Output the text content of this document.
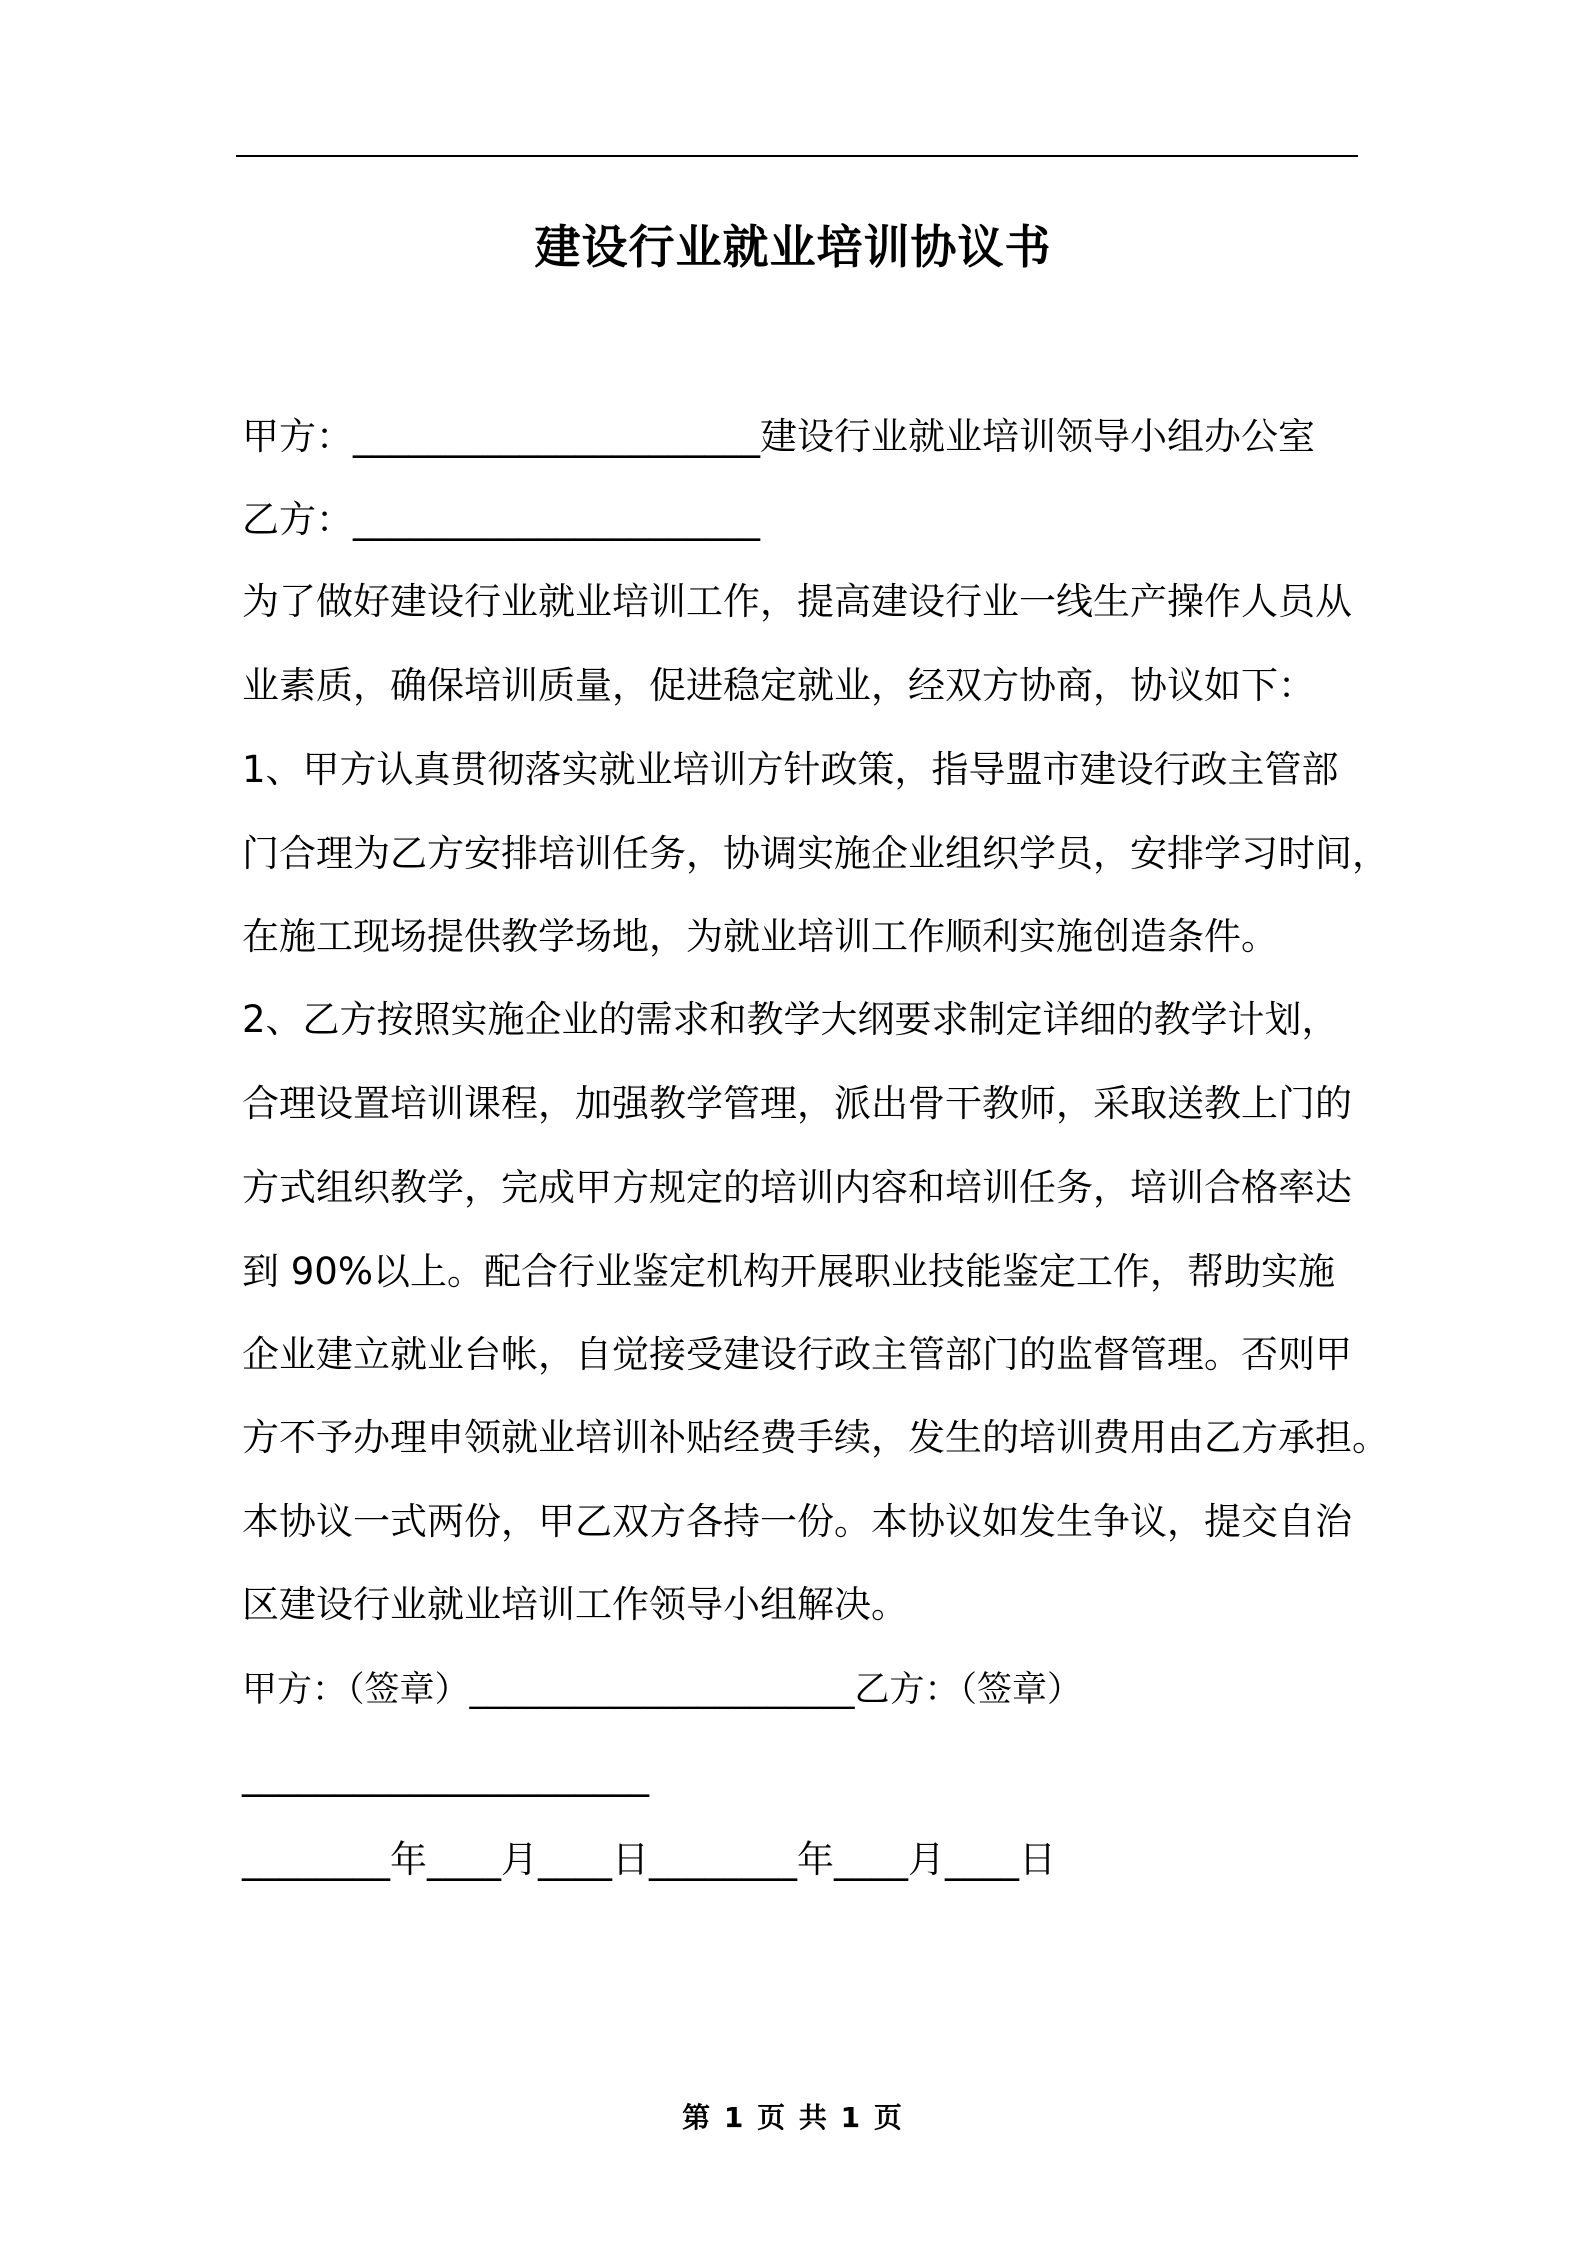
建设行业就业培训协议书
甲方：______________________建设行业就业培训领导小组办公室
乙方：______________________
为了做好建设行业就业培训工作，提高建设行业一线生产操作人员从
业素质，确保培训质量，促进稳定就业，经双方协商，协议如下：
1、甲方认真贯彻落实就业培训方针政策，指导盟市建设行政主管部
门合理为乙方安排培训任务，协调实施企业组织学员，安排学习时间，
在施工现场提供教学场地，为就业培训工作顺利实施创造条件。
2、乙方按照实施企业的需求和教学大纲要求制定详细的教学计划，
合理设置培训课程，加强教学管理，派出骨干教师，采取送教上门的
方式组织教学，完成甲方规定的培训内容和培训任务，培训合格率达
到 90%以上。配合行业鉴定机构开展职业技能鉴定工作，帮助实施
企业建立就业台帐，自觉接受建设行政主管部门的监督管理。否则甲
方不予办理申领就业培训补贴经费手续，发生的培训费用由乙方承担。
本协议一式两份，甲乙双方各持一份。本协议如发生争议，提交自治
区建设行业就业培训工作领导小组解决。
甲方：（签章）______________________乙方：（签章）
______________________
________年____月____日________年____月____日
第 1 页 共 1 页
